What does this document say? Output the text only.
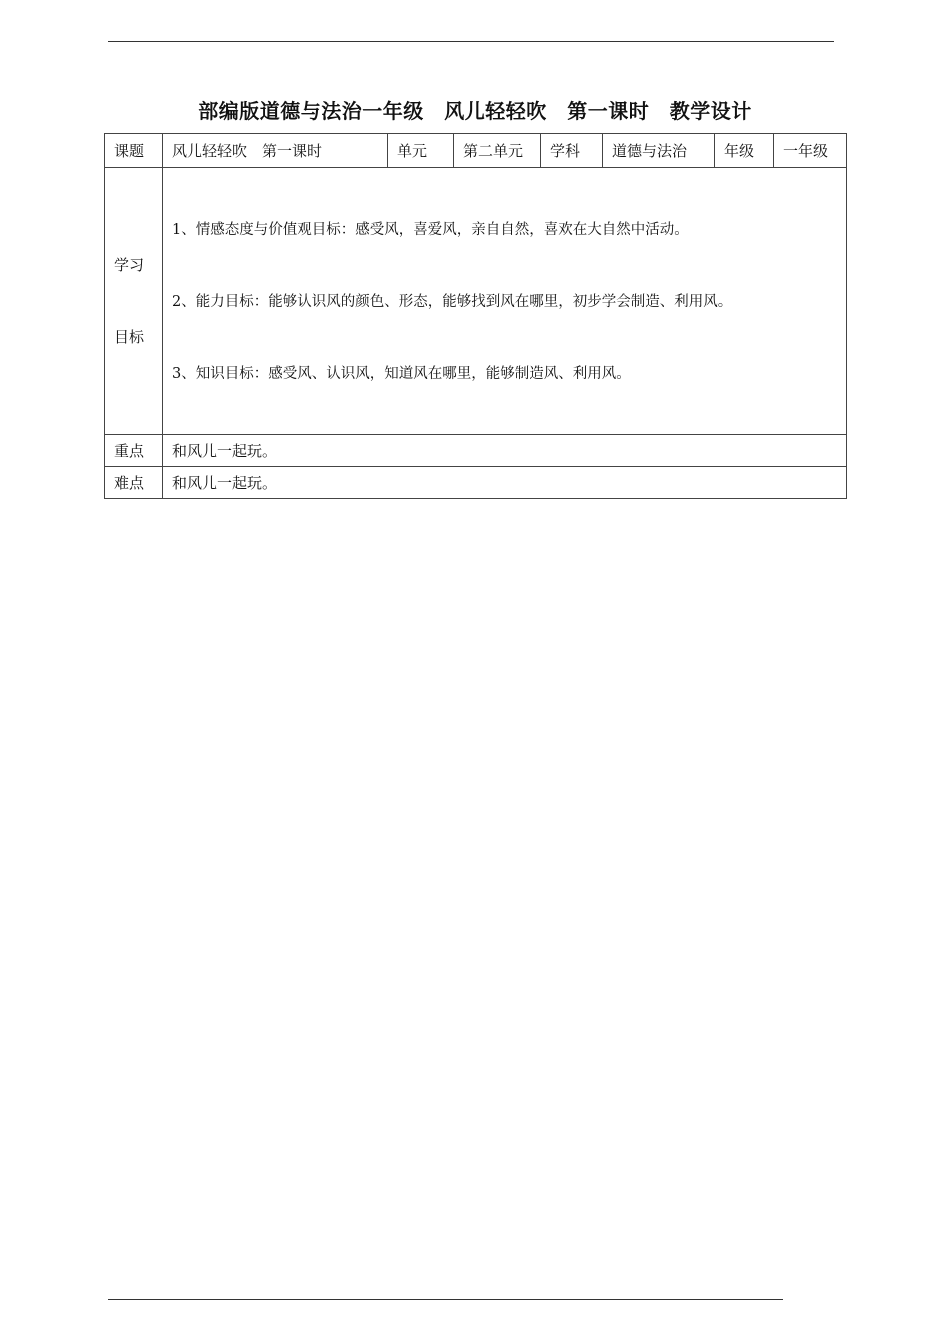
部编版道德与法治一年级　风儿轻轻吹　第一课时　教学设计
课题	风儿轻轻吹　第一课时	单元	第二单元	学科	道德与法治	年级	一年级

学习

目标	1、情感态度与价值观目标：感受风，喜爱风，亲自自然，喜欢在大自然中活动。

2、能力目标：能够认识风的颜色、形态，能够找到风在哪里，初步学会制造、利用风。

3、知识目标：感受风、认识风，知道风在哪里，能够制造风、利用风。						

重点	和风儿一起玩。						
难点	和风儿一起玩。						
